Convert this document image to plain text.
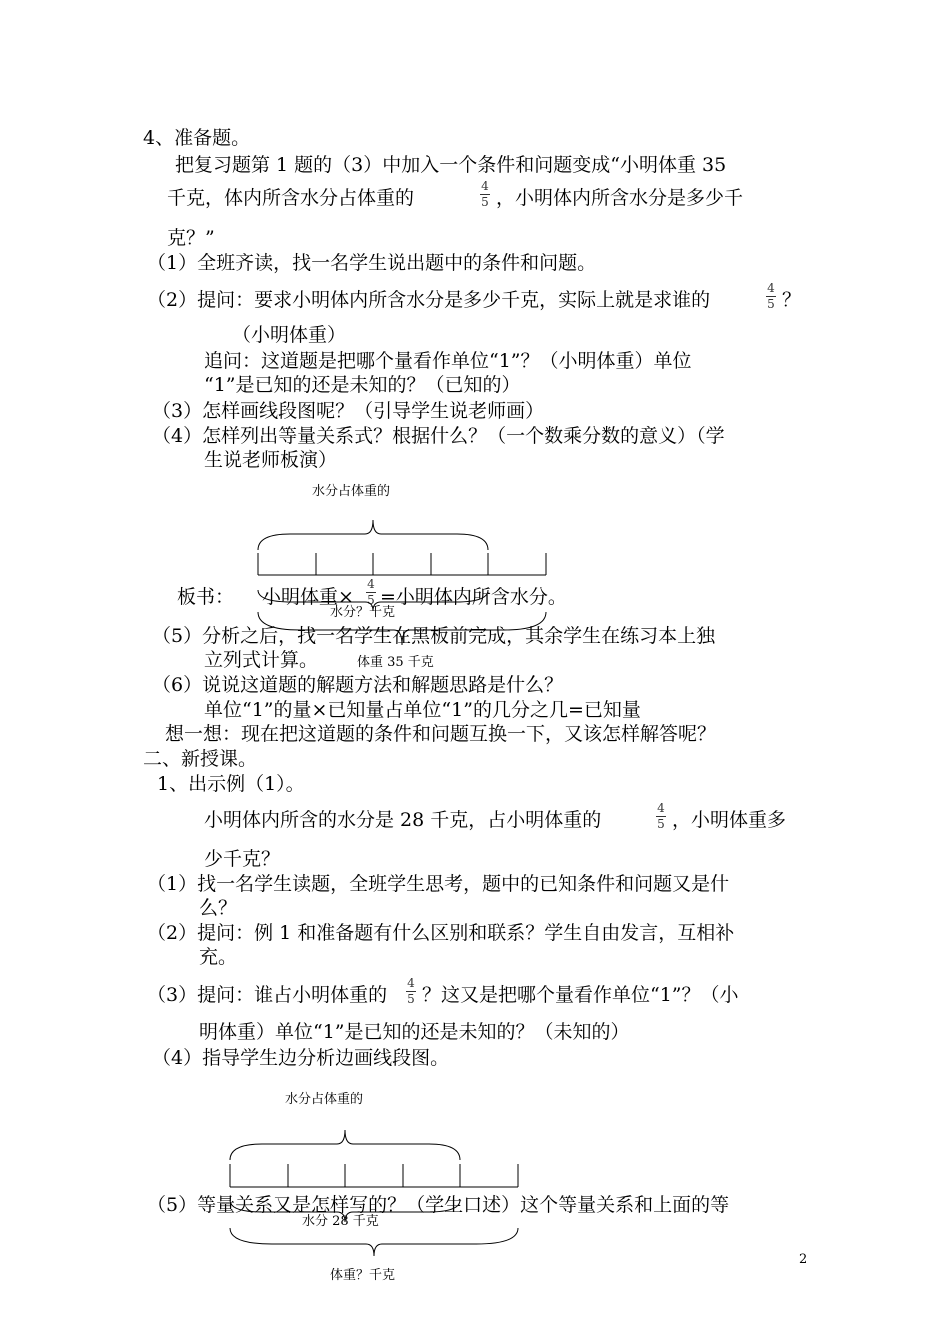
4、准备题。
把复习题第 1 题的（3）中加入一个条件和问题变成“小明体重 35
千克，体内所含水分占体重的
4
5 ，小明体内所含水分是多少千
克？”
（1）全班齐读，找一名学生说出题中的条件和问题。
（2）提问：要求小明体内所含水分是多少千克，实际上就是求谁的
4
5 ？
（小明体重）
追问：这道题是把哪个量看作单位“1”？（小明体重）单位
“1”是已知的还是未知的？（已知的）
（3）怎样画线段图呢？（引导学生说老师画）
（4）怎样列出等量关系式？根据什么？（一个数乘分数的意义）（学
生说老师板演）
水分占体重的
板书： 小明体重×
4
5 =小明体内所含水分。
水分？千克
（5）分析之后，找一名学生在黑板前完成，其余学生在练习本上独
立列式计算。	体重 35 千克
（6）说说这道题的解题方法和解题思路是什么？
单位“1”的量×已知量占单位“1”的几分之几=已知量
想一想：现在把这道题的条件和问题互换一下，又该怎样解答呢？
二、新授课。
1、出示例（1）。
小明体内所含的水分是 28 千克，占小明体重的
4
5 ，小明体重多
少千克？
（1）找一名学生读题，全班学生思考，题中的已知条件和问题又是什
么？
（2）提问：例 1 和准备题有什么区别和联系？学生自由发言，互相补
充。
（3）提问：谁占小明体重的
4
5 ？这又是把哪个量看作单位“1”？（小
明体重）单位“1”是已知的还是未知的？（未知的）
（4）指导学生边分析边画线段图。
水分占体重的
（5）等量关系又是怎样写的？（学生口述）这个等量关系和上面的等
水分 28 千克
体重？千克
2
